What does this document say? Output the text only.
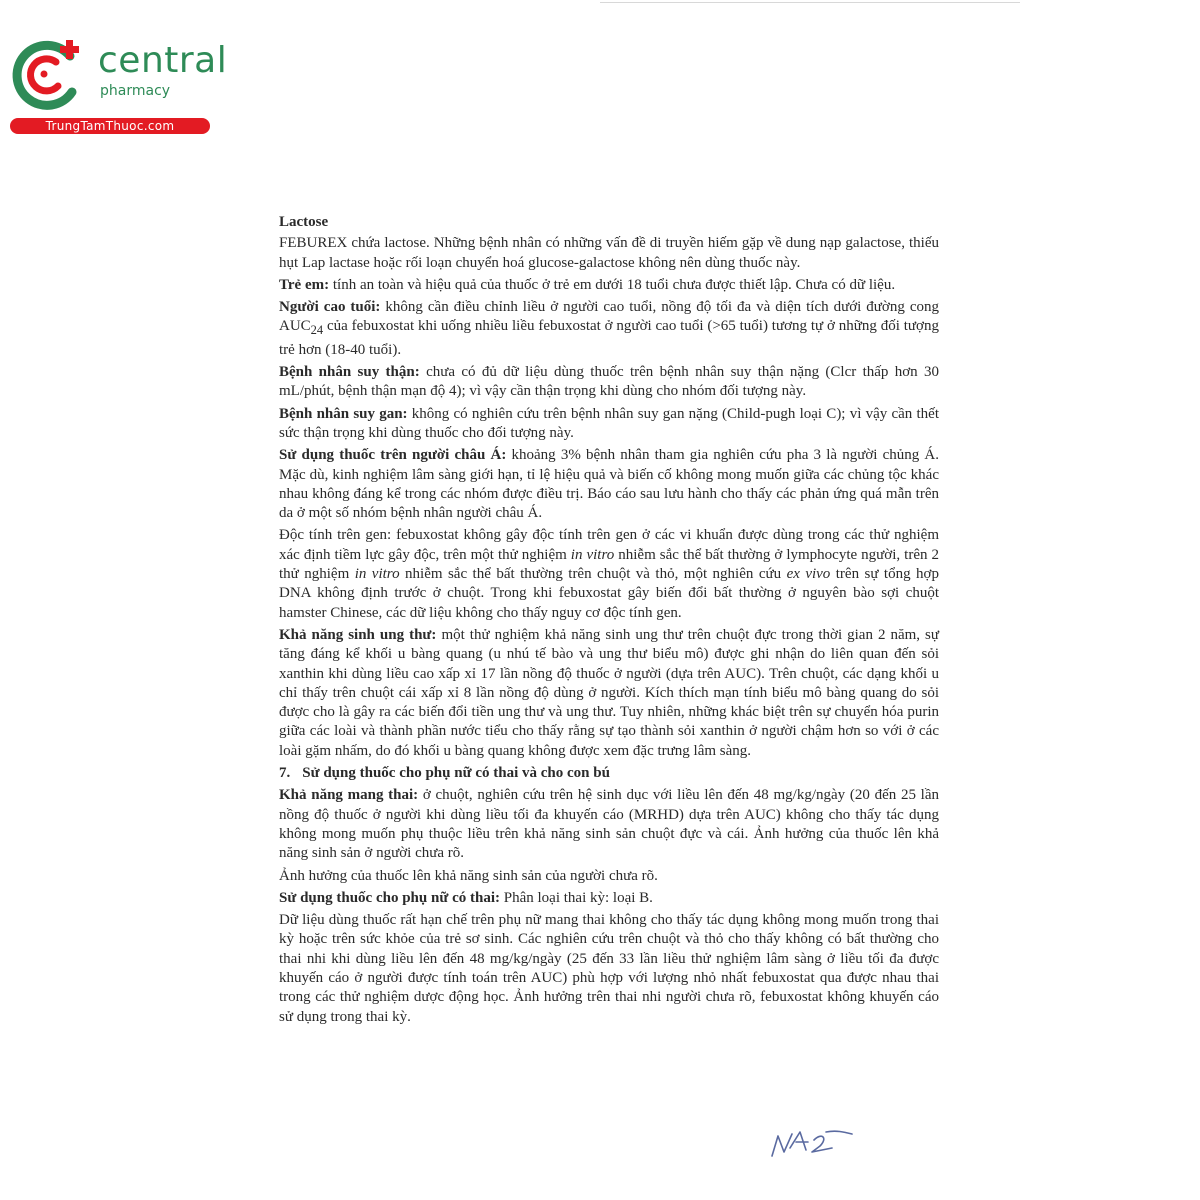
central
pharmacy
TrungTamThuoc.com

Lactose

FEBUREX chứa lactose. Những bệnh nhân có những vấn đề di truyền hiếm gặp về dung nạp galactose, thiếu hụt Lap lactase hoặc rối loạn chuyển hoá glucose-galactose không nên dùng thuốc này.

Trẻ em: tính an toàn và hiệu quả của thuốc ở trẻ em dưới 18 tuổi chưa được thiết lập. Chưa có dữ liệu.

Người cao tuổi: không cần điều chỉnh liều ở người cao tuổi, nồng độ tối đa và diện tích dưới đường cong $AUC_{24}$ của febuxostat khi uống nhiều liều febuxostat ở người cao tuổi (>65 tuổi) tương tự ở những đối tượng trẻ hơn (18-40 tuổi).

Bệnh nhân suy thận: chưa có đủ dữ liệu dùng thuốc trên bệnh nhân suy thận nặng (Clcr thấp hơn 30 mL/phút, bệnh thận mạn độ 4); vì vậy cần thận trọng khi dùng cho nhóm đối tượng này.

Bệnh nhân suy gan: không có nghiên cứu trên bệnh nhân suy gan nặng (Child-pugh loại C); vì vậy cần thết sức thận trọng khi dùng thuốc cho đối tượng này.

Sử dụng thuốc trên người châu Á: khoảng 3% bệnh nhân tham gia nghiên cứu pha 3 là người chủng Á. Mặc dù, kinh nghiệm lâm sàng giới hạn, tỉ lệ hiệu quả và biến cố không mong muốn giữa các chủng tộc khác nhau không đáng kể trong các nhóm được điều trị. Báo cáo sau lưu hành cho thấy các phản ứng quá mẫn trên da ở một số nhóm bệnh nhân người châu Á.

Độc tính trên gen: febuxostat không gây độc tính trên gen ở các vi khuẩn được dùng trong các thử nghiệm xác định tiềm lực gây độc, trên một thử nghiệm in vitro nhiễm sắc thể bất thường ở lymphocyte người, trên 2 thử nghiệm in vitro nhiễm sắc thể bất thường trên chuột và thỏ, một nghiên cứu ex vivo trên sự tổng hợp DNA không định trước ở chuột. Trong khi febuxostat gây biến đổi bất thường ở nguyên bào sợi chuột hamster Chinese, các dữ liệu không cho thấy nguy cơ độc tính gen.

Khả năng sinh ung thư: một thử nghiệm khả năng sinh ung thư trên chuột đực trong thời gian 2 năm, sự tăng đáng kể khối u bàng quang (u nhú tế bào và ung thư biểu mô) được ghi nhận do liên quan đến sỏi xanthin khi dùng liều cao xấp xỉ 17 lần nồng độ thuốc ở người (dựa trên AUC). Trên chuột, các dạng khối u chỉ thấy trên chuột cái xấp xỉ 8 lần nồng độ dùng ở người. Kích thích mạn tính biểu mô bàng quang do sỏi được cho là gây ra các biến đổi tiền ung thư và ung thư. Tuy nhiên, những khác biệt trên sự chuyển hóa purin giữa các loài và thành phần nước tiểu cho thấy rằng sự tạo thành sỏi xanthin ở người chậm hơn so với ở các loài gặm nhấm, do đó khối u bàng quang không được xem đặc trưng lâm sàng.

7. Sử dụng thuốc cho phụ nữ có thai và cho con bú

Khả năng mang thai: ở chuột, nghiên cứu trên hệ sinh dục với liều lên đến 48 mg/kg/ngày (20 đến 25 lần nồng độ thuốc ở người khi dùng liều tối đa khuyến cáo (MRHD) dựa trên AUC) không cho thấy tác dụng không mong muốn phụ thuộc liều trên khả năng sinh sản chuột đực và cái. Ảnh hưởng của thuốc lên khả năng sinh sản ở người chưa rõ.

Ảnh hưởng của thuốc lên khả năng sinh sản của người chưa rõ.

Sử dụng thuốc cho phụ nữ có thai: Phân loại thai kỳ: loại B.

Dữ liệu dùng thuốc rất hạn chế trên phụ nữ mang thai không cho thấy tác dụng không mong muốn trong thai kỳ hoặc trên sức khỏe của trẻ sơ sinh. Các nghiên cứu trên chuột và thỏ cho thấy không có bất thường cho thai nhi khi dùng liều lên đến 48 mg/kg/ngày (25 đến 33 lần liều thử nghiệm lâm sàng ở liều tối đa được khuyến cáo ở người được tính toán trên AUC) phù hợp với lượng nhỏ nhất febuxostat qua được nhau thai trong các thử nghiệm dược động học. Ảnh hưởng trên thai nhi người chưa rõ, febuxostat không khuyến cáo sử dụng trong thai kỳ.
